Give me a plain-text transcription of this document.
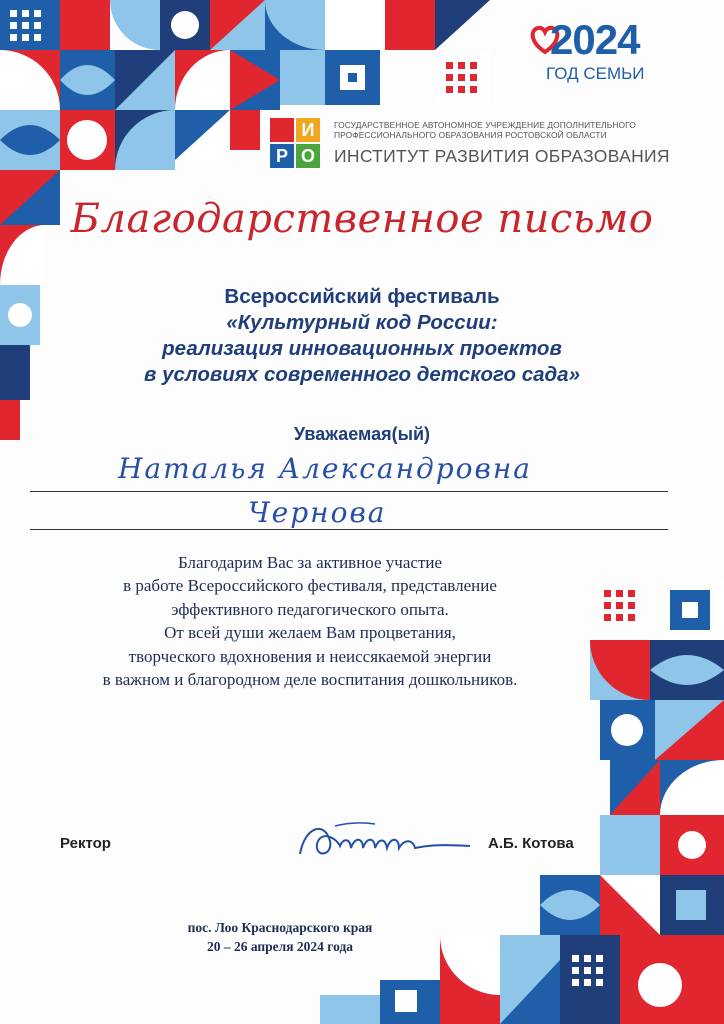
2024
ГОД СЕМЬИ
И
Р О
ГОСУДАРСТВЕННОЕ АВТОНОМНОЕ УЧРЕЖДЕНИЕ ДОПОЛНИТЕЛЬНОГО
ПРОФЕССИОНАЛЬНОГО ОБРАЗОВАНИЯ РОСТОВСКОЙ ОБЛАСТИ
ИНСТИТУТ РАЗВИТИЯ ОБРАЗОВАНИЯ
Благодарственное письмо
Всероссийский фестиваль
«Культурный код России:
реализация инновационных проектов
в условиях современного детского сада»
Уважаемая(ый)
Наталья Александровна
Чернова
Благодарим Вас за активное участие
в работе Всероссийского фестиваля, представление
эффективного педагогического опыта.
От всей души желаем Вам процветания,
творческого вдохновения и неиссякаемой энергии
в важном и благородном деле воспитания дошкольников.
Ректор	А.Б. Котова
пос. Лоо Краснодарского края
20 – 26 апреля 2024 года
